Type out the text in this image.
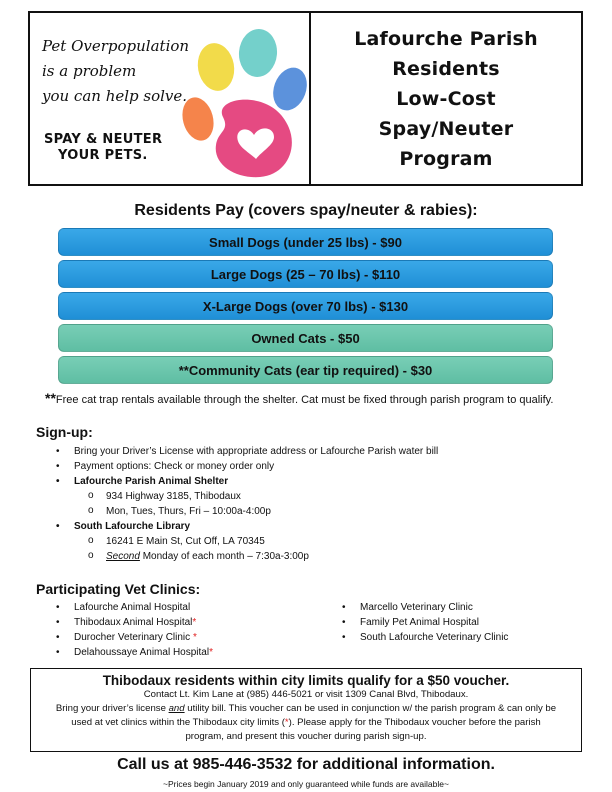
Pet Overpopulation
is a problem
you can help solve.
SPAY & NEUTER
YOUR PETS.
Lafourche Parish
Residents
Low-Cost
Spay/Neuter
Program
Residents Pay (covers spay/neuter & rabies):
Small Dogs (under 25 lbs) - $90
Large Dogs (25 – 70 lbs) - $110
X-Large Dogs (over 70 lbs) - $130
Owned Cats - $50
**Community Cats (ear tip required) - $30
**Free cat trap rentals available through the shelter. Cat must be fixed through parish program to qualify.
Sign-up:
• Bring your Driver’s License with appropriate address or Lafourche Parish water bill
• Payment options: Check or money order only
• Lafourche Parish Animal Shelter
o 934 Highway 3185, Thibodaux
o Mon, Tues, Thurs, Fri – 10:00a-4:00p
• South Lafourche Library
o 16241 E Main St, Cut Off, LA 70345
o Second Monday of each month – 7:30a-3:00p
Participating Vet Clinics:
• Lafourche Animal Hospital
• Thibodaux Animal Hospital*
• Durocher Veterinary Clinic *
• Delahoussaye Animal Hospital*
• Marcello Veterinary Clinic
• Family Pet Animal Hospital
• South Lafourche Veterinary Clinic
Thibodaux residents within city limits qualify for a $50 voucher.
Contact Lt. Kim Lane at (985) 446-5021 or visit 1309 Canal Blvd, Thibodaux.
Bring your driver’s license and utility bill. This voucher can be used in conjunction w/ the parish program & can only be
used at vet clinics within the Thibodaux city limits (*). Please apply for the Thibodaux voucher before the parish
program, and present this voucher during parish sign-up.
Call us at 985-446-3532 for additional information.
~Prices begin January 2019 and only guaranteed while funds are available~
